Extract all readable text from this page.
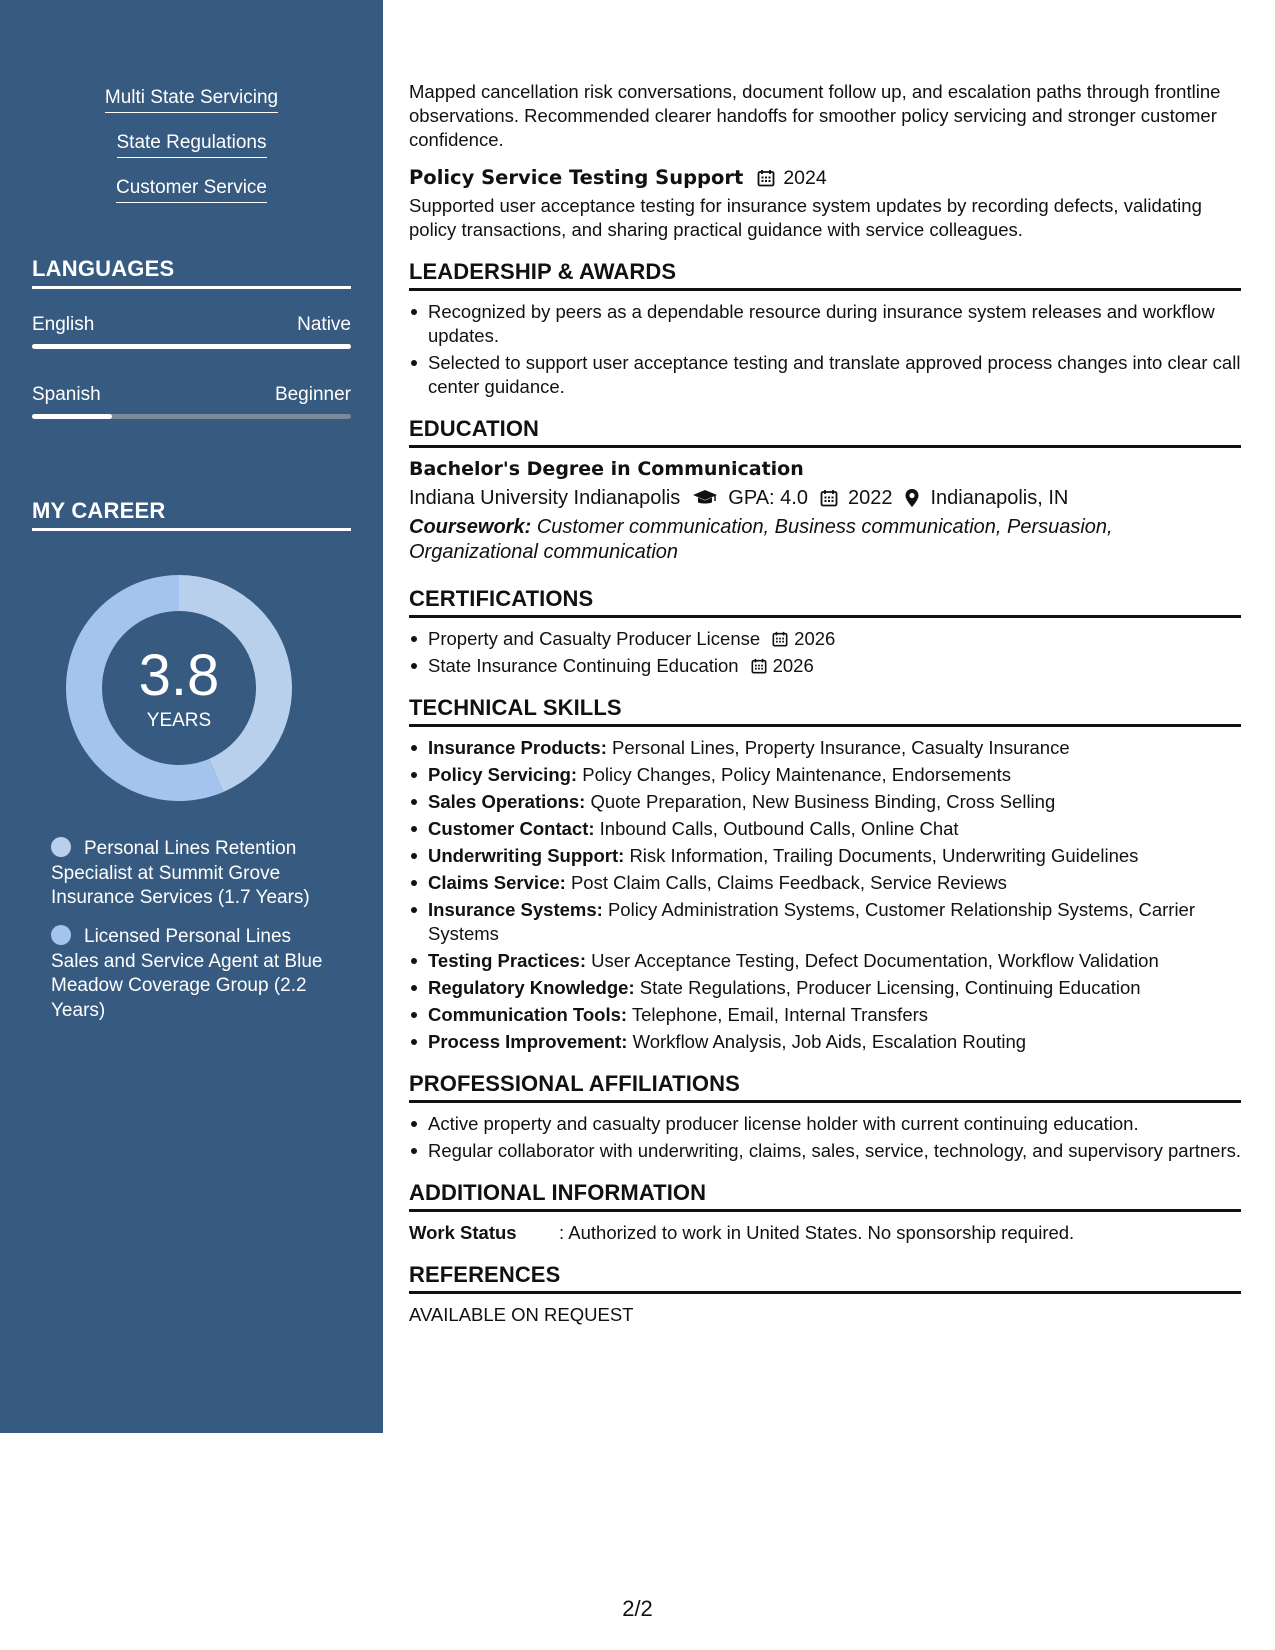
Multi State Servicing
State Regulations
Customer Service
LANGUAGES
English	Native
Spanish	Beginner
MY CAREER
3.8
YEARS
Personal Lines Retention Specialist at Summit Grove Insurance Services (1.7 Years)
Licensed Personal Lines Sales and Service Agent at Blue Meadow Coverage Group (2.2 Years)

Mapped cancellation risk conversations, document follow up, and escalation paths through frontline observations. Recommended clearer handoffs for smoother policy servicing and stronger customer confidence.

Policy Service Testing Support 2024

Supported user acceptance testing for insurance system updates by recording defects, validating policy transactions, and sharing practical guidance with service colleagues.

LEADERSHIP & AWARDS
Recognized by peers as a dependable resource during insurance system releases and workflow updates.
Selected to support user acceptance testing and translate approved process changes into clear call center guidance.
EDUCATION
Bachelor's Degree in Communication
Indiana University Indianapolis GPA: 4.0 2022 Indianapolis, IN

Coursework: Customer communication, Business communication, Persuasion, Organizational communication

CERTIFICATIONS
Property and Casualty Producer License 2026
State Insurance Continuing Education 2026
TECHNICAL SKILLS
Insurance Products: Personal Lines, Property Insurance, Casualty Insurance
Policy Servicing: Policy Changes, Policy Maintenance, Endorsements
Sales Operations: Quote Preparation, New Business Binding, Cross Selling
Customer Contact: Inbound Calls, Outbound Calls, Online Chat
Underwriting Support: Risk Information, Trailing Documents, Underwriting Guidelines
Claims Service: Post Claim Calls, Claims Feedback, Service Reviews
Insurance Systems: Policy Administration Systems, Customer Relationship Systems, Carrier Systems
Testing Practices: User Acceptance Testing, Defect Documentation, Workflow Validation
Regulatory Knowledge: State Regulations, Producer Licensing, Continuing Education
Communication Tools: Telephone, Email, Internal Transfers
Process Improvement: Workflow Analysis, Job Aids, Escalation Routing
PROFESSIONAL AFFILIATIONS
Active property and casualty producer license holder with current continuing education.
Regular collaborator with underwriting, claims, sales, service, technology, and supervisory partners.
ADDITIONAL INFORMATION
Work Status	: Authorized to work in United States. No sponsorship required.
REFERENCES

AVAILABLE ON REQUEST

2/2
